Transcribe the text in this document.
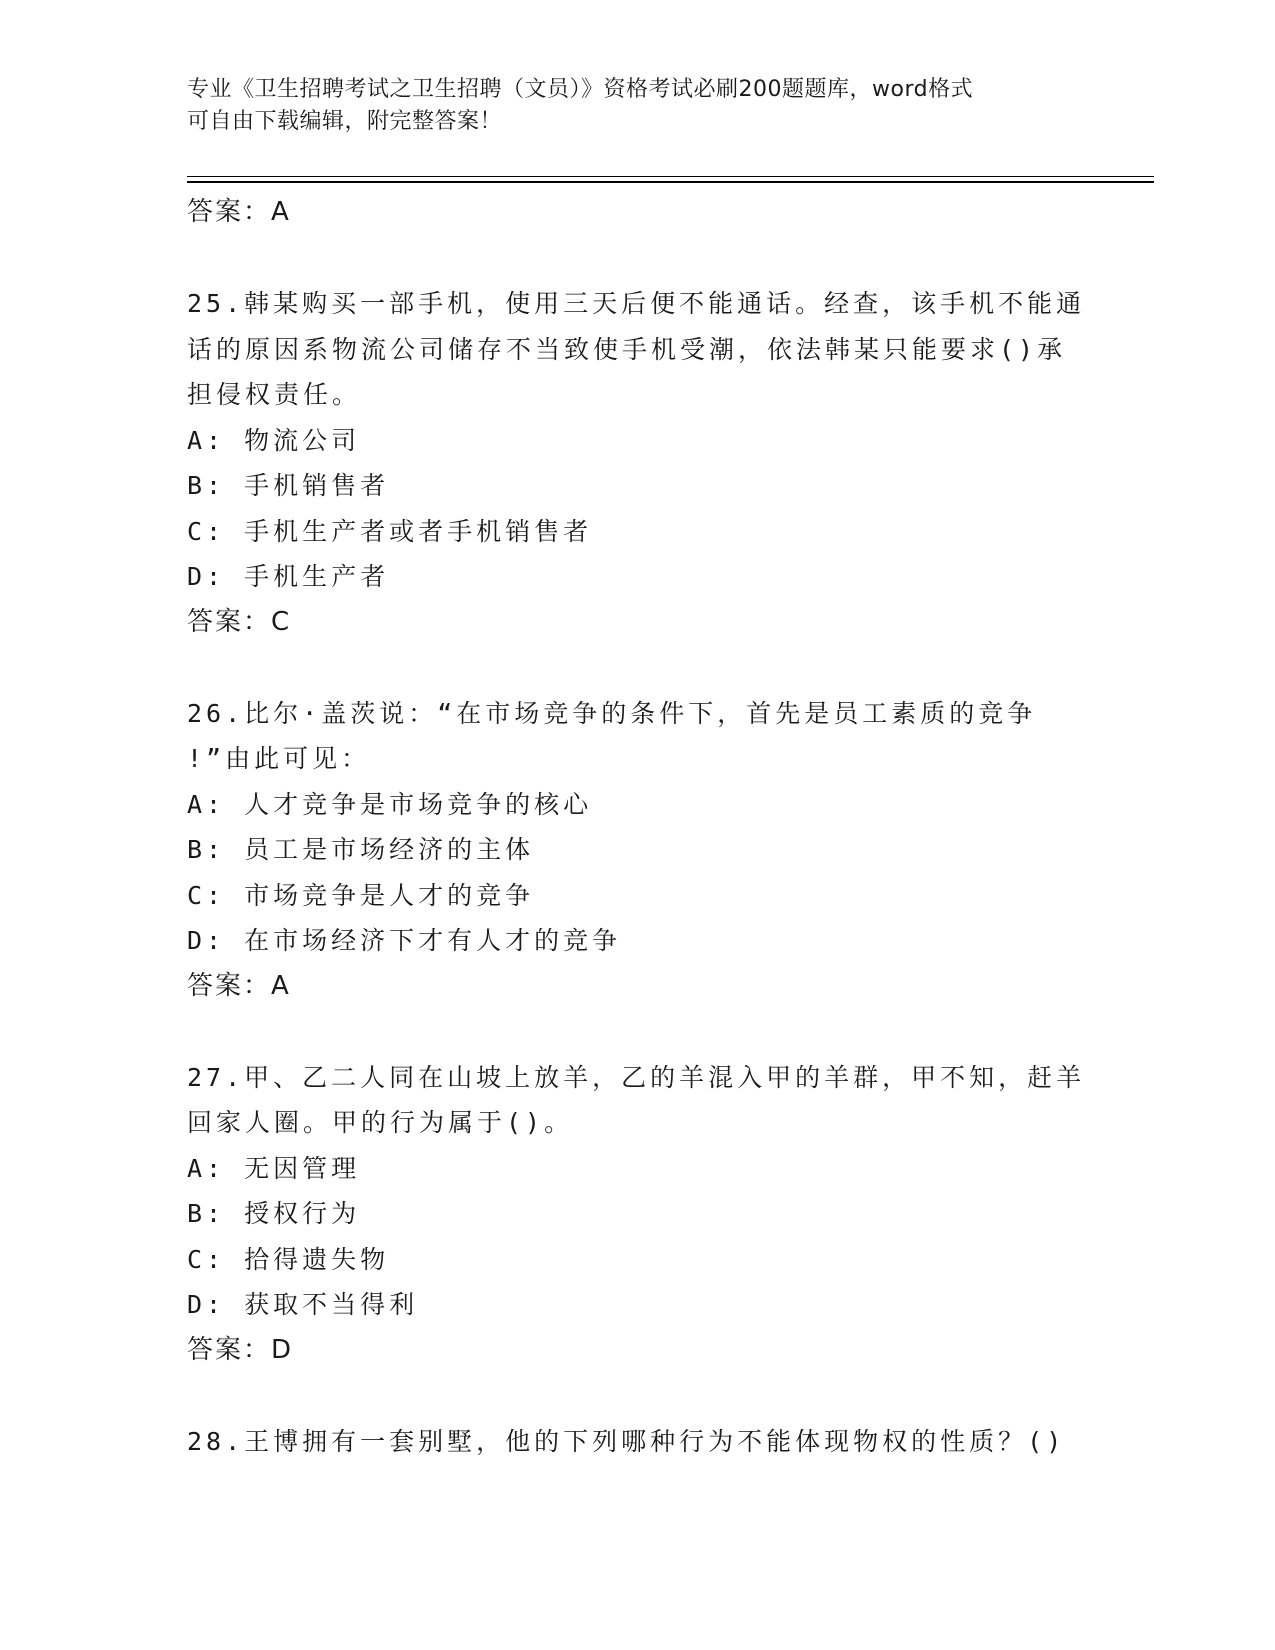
专业《卫生招聘考试之卫生招聘（文员）》资格考试必刷200题题库，word格式
可自由下载编辑，附完整答案！
答案：A
25.韩某购买一部手机，使用三天后便不能通话。经查，该手机不能通
话的原因系物流公司储存不当致使手机受潮，依法韩某只能要求()承
担侵权责任。
A: 物流公司
B: 手机销售者
C: 手机生产者或者手机销售者
D: 手机生产者
答案：C
26.比尔·盖茨说：“在市场竞争的条件下，首先是员工素质的竞争
!”由此可见：
A: 人才竞争是市场竞争的核心
B: 员工是市场经济的主体
C: 市场竞争是人才的竞争
D: 在市场经济下才有人才的竞争
答案：A
27.甲、乙二人同在山坡上放羊，乙的羊混入甲的羊群，甲不知，赶羊
回家人圈。甲的行为属于()。
A: 无因管理
B: 授权行为
C: 拾得遗失物
D: 获取不当得利
答案：D
28.王博拥有一套别墅，他的下列哪种行为不能体现物权的性质？()
